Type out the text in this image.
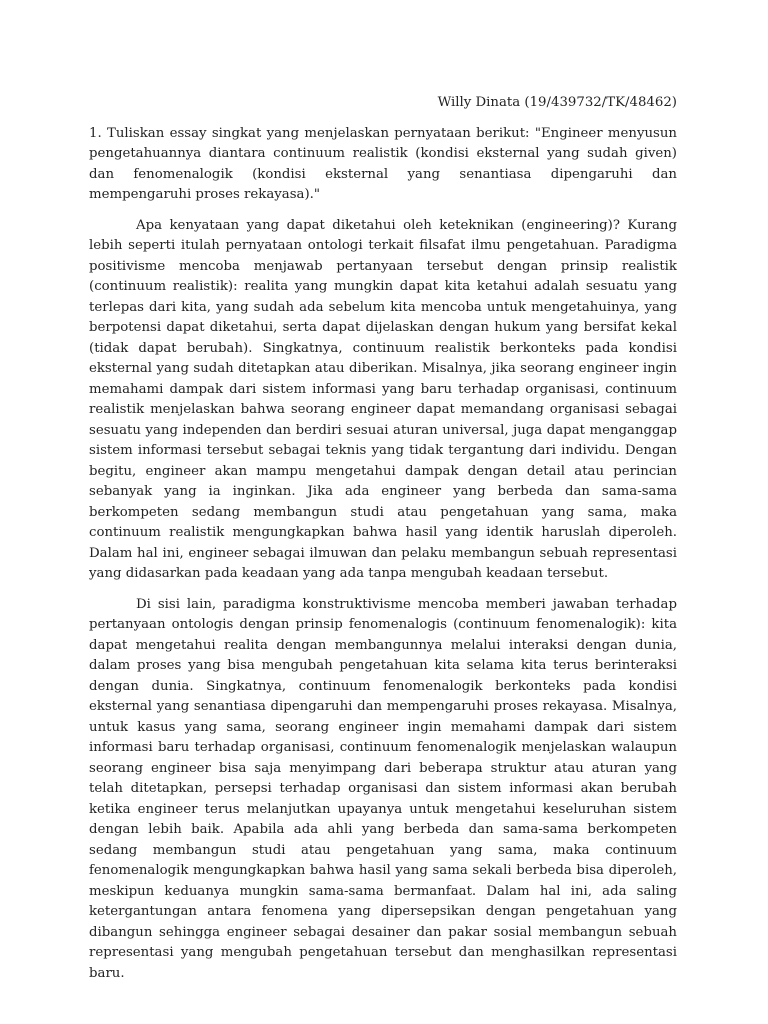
Willy Dinata (19/439732/TK/48462)

1. Tuliskan essay singkat yang menjelaskan pernyataan berikut: "Engineer menyusun pengetahuannya diantara continuum realistik (kondisi eksternal yang sudah given) dan fenomenalogik (kondisi eksternal yang senantiasa dipengaruhi dan mempengaruhi proses rekayasa)."

Apa kenyataan yang dapat diketahui oleh keteknikan (engineering)? Kurang lebih seperti itulah pernyataan ontologi terkait filsafat ilmu pengetahuan. Paradigma positivisme mencoba menjawab pertanyaan tersebut dengan prinsip realistik (continuum realistik): realita yang mungkin dapat kita ketahui adalah sesuatu yang terlepas dari kita, yang sudah ada sebelum kita mencoba untuk mengetahuinya, yang berpotensi dapat diketahui, serta dapat dijelaskan dengan hukum yang bersifat kekal (tidak dapat berubah). Singkatnya, continuum realistik berkonteks pada kondisi eksternal yang sudah ditetapkan atau diberikan. Misalnya, jika seorang engineer ingin memahami dampak dari sistem informasi yang baru terhadap organisasi, continuum realistik menjelaskan bahwa seorang engineer dapat memandang organisasi sebagai sesuatu yang independen dan berdiri sesuai aturan universal, juga dapat menganggap sistem informasi tersebut sebagai teknis yang tidak tergantung dari individu. Dengan begitu, engineer akan mampu mengetahui dampak dengan detail atau perincian sebanyak yang ia inginkan. Jika ada engineer yang berbeda dan sama-sama berkompeten sedang membangun studi atau pengetahuan yang sama, maka continuum realistik mengungkapkan bahwa hasil yang identik haruslah diperoleh. Dalam hal ini, engineer sebagai ilmuwan dan pelaku membangun sebuah representasi yang didasarkan pada keadaan yang ada tanpa mengubah keadaan tersebut.

Di sisi lain, paradigma konstruktivisme mencoba memberi jawaban terhadap pertanyaan ontologis dengan prinsip fenomenalogis (continuum fenomenalogik): kita dapat mengetahui realita dengan membangunnya melalui interaksi dengan dunia, dalam proses yang bisa mengubah pengetahuan kita selama kita terus berinteraksi dengan dunia. Singkatnya, continuum fenomenalogik berkonteks pada kondisi eksternal yang senantiasa dipengaruhi dan mempengaruhi proses rekayasa. Misalnya, untuk kasus yang sama, seorang engineer ingin memahami dampak dari sistem informasi baru terhadap organisasi, continuum fenomenalogik menjelaskan walaupun seorang engineer bisa saja menyimpang dari beberapa struktur atau aturan yang telah ditetapkan, persepsi terhadap organisasi dan sistem informasi akan berubah ketika engineer terus melanjutkan upayanya untuk mengetahui keseluruhan sistem dengan lebih baik. Apabila ada ahli yang berbeda dan sama-sama berkompeten sedang membangun studi atau pengetahuan yang sama, maka continuum fenomenalogik mengungkapkan bahwa hasil yang sama sekali berbeda bisa diperoleh, meskipun keduanya mungkin sama-sama bermanfaat. Dalam hal ini, ada saling ketergantungan antara fenomena yang dipersepsikan dengan pengetahuan yang dibangun sehingga engineer sebagai desainer dan pakar sosial membangun sebuah representasi yang mengubah pengetahuan tersebut dan menghasilkan representasi baru.
